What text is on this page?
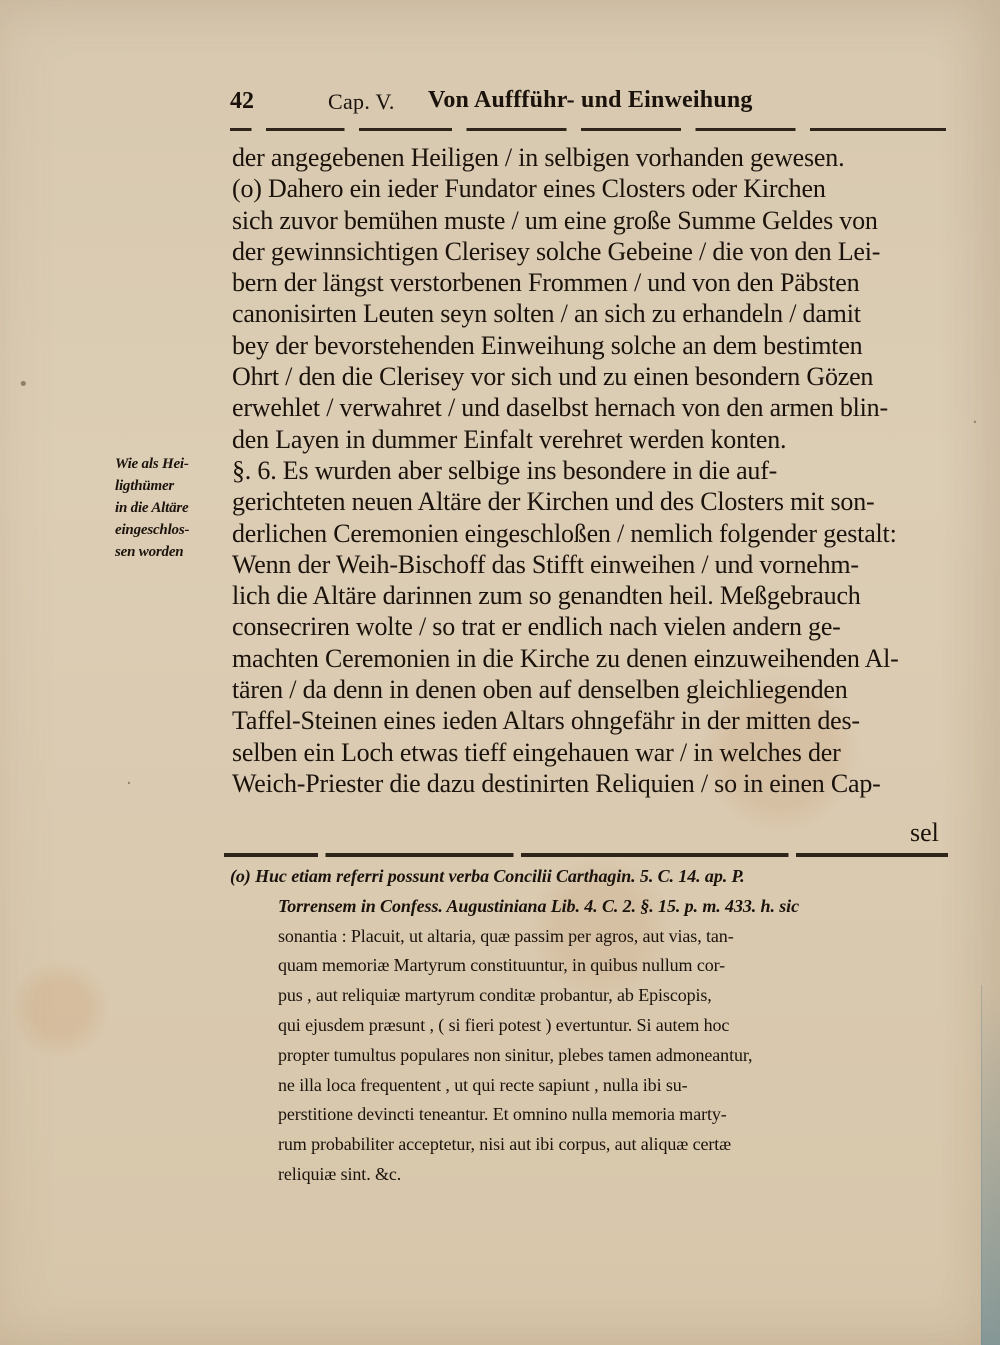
42	Cap. V. Von Auffführ- und Einweihung
der angegebenen Heiligen / in selbigen vorhanden gewesen.
(o) Dahero ein ieder Fundator eines Closters oder Kirchen
sich zuvor bemühen muste / um eine große Summe Geldes von
der gewinnsichtigen Clerisey solche Gebeine / die von den Lei-
bern der längst verstorbenen Frommen / und von den Päbsten
canonisirten Leuten seyn solten / an sich zu erhandeln / damit
bey der bevorstehenden Einweihung solche an dem bestimten
Ohrt / den die Clerisey vor sich und zu einen besondern Gözen
erwehlet / verwahret / und daselbst hernach von den armen blin-
den Layen in dummer Einfalt verehret werden konten.
§. 6. Es wurden aber selbige ins besondere in die auf-
gerichteten neuen Altäre der Kirchen und des Closters mit son-
derlichen Ceremonien eingeschloßen / nemlich folgender gestalt:
Wenn der Weih-Bischoff das Stifft einweihen / und vornehm-
lich die Altäre darinnen zum so genandten heil. Meßgebrauch
consecriren wolte / so trat er endlich nach vielen andern ge-
machten Ceremonien in die Kirche zu denen einzuweihenden Al-
tären / da denn in denen oben auf denselben gleichliegenden
Taffel-Steinen eines ieden Altars ohngefähr in der mitten des-
selben ein Loch etwas tieff eingehauen war / in welches der
Weich-Priester die dazu destinirten Reliquien / so in einen Cap-
sel
Wie als Hei-
ligthümer
in die Altäre
eingeschlos-
sen worden
(o) Huc etiam referri possunt verba Concilii Carthagin. 5. C. 14. ap. P.
Torrensem in Confess. Augustiniana Lib. 4. C. 2. §. 15. p. m. 433. h. sic
sonantia : Placuit, ut altaria, quæ passim per agros, aut vias, tan-
quam memoriæ Martyrum constituuntur, in quibus nullum cor-
pus , aut reliquiæ martyrum conditæ probantur, ab Episcopis,
qui ejusdem præsunt , ( si fieri potest ) evertuntur. Si autem hoc
propter tumultus populares non sinitur, plebes tamen admoneantur,
ne illa loca frequentent , ut qui recte sapiunt , nulla ibi su-
perstitione devincti teneantur. Et omnino nulla memoria marty-
rum probabiliter acceptetur, nisi aut ibi corpus, aut aliquæ certæ
reliquiæ sint. &c.
•
·
·
